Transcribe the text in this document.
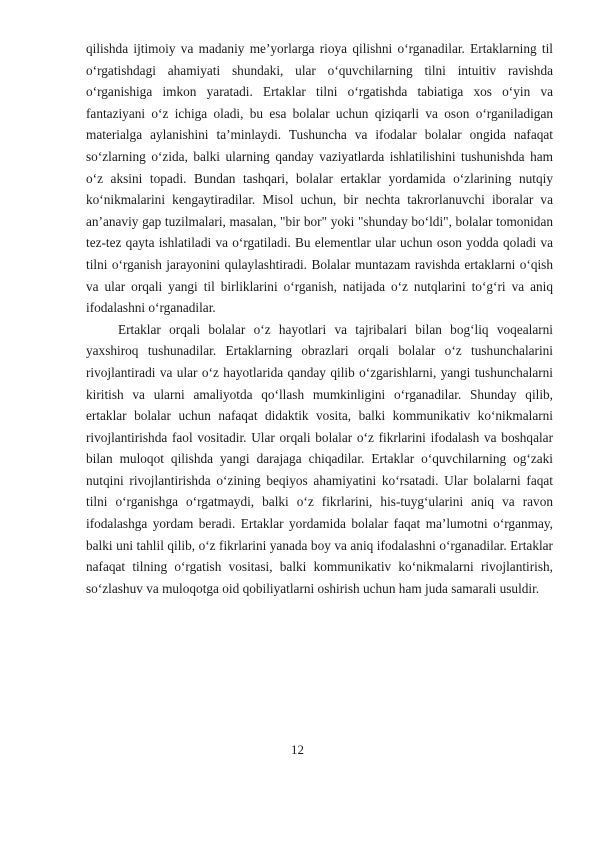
qilishda ijtimoiy va madaniy me’yorlarga rioya qilishni o‘rganadilar. Ertaklarning til o‘rgatishdagi ahamiyati shundaki, ular o‘quvchilarning tilni intuitiv ravishda o‘rganishiga imkon yaratadi. Ertaklar tilni o‘rgatishda tabiatiga xos o‘yin va fantaziyani o‘z ichiga oladi, bu esa bolalar uchun qiziqarli va oson o‘rganiladigan materialga aylanishini ta’minlaydi. Tushuncha va ifodalar bolalar ongida nafaqat so‘zlarning o‘zida, balki ularning qanday vaziyatlarda ishlatilishini tushunishda ham o‘z aksini topadi. Bundan tashqari, bolalar ertaklar yordamida o‘zlarining nutqiy ko‘nikmalarini kengaytiradilar. Misol uchun, bir nechta takrorlanuvchi iboralar va an’anaviy gap tuzilmalari, masalan, "bir bor" yoki "shunday bo‘ldi", bolalar tomonidan tez-tez qayta ishlatiladi va o‘rgatiladi. Bu elementlar ular uchun oson yodda qoladi va tilni o‘rganish jarayonini qulaylashtiradi. Bolalar muntazam ravishda ertaklarni o‘qish va ular orqali yangi til birliklarini o‘rganish, natijada o‘z nutqlarini to‘g‘ri va aniq ifodalashni o‘rganadilar.

Ertaklar orqali bolalar o‘z hayotlari va tajribalari bilan bog‘liq voqealarni yaxshiroq tushunadilar. Ertaklarning obrazlari orqali bolalar o‘z tushunchalarini rivojlantiradi va ular o‘z hayotlarida qanday qilib o‘zgarishlarni, yangi tushunchalarni kiritish va ularni amaliyotda qo‘llash mumkinligini o‘rganadilar. Shunday qilib, ertaklar bolalar uchun nafaqat didaktik vosita, balki kommunikativ ko‘nikmalarni rivojlantirishda faol vositadir. Ular orqali bolalar o‘z fikrlarini ifodalash va boshqalar bilan muloqot qilishda yangi darajaga chiqadilar. Ertaklar o‘quvchilarning og‘zaki nutqini rivojlantirishda o‘zining beqiyos ahamiyatini ko‘rsatadi. Ular bolalarni faqat tilni o‘rganishga o‘rgatmaydi, balki o‘z fikrlarini, his-tuyg‘ularini aniq va ravon ifodalashga yordam beradi. Ertaklar yordamida bolalar faqat ma’lumotni o‘rganmay, balki uni tahlil qilib, o‘z fikrlarini yanada boy va aniq ifodalashni o‘rganadilar. Ertaklar nafaqat tilning o‘rgatish vositasi, balki kommunikativ ko‘nikmalarni rivojlantirish, so‘zlashuv va muloqotga oid qobiliyatlarni oshirish uchun ham juda samarali usuldir.

12
